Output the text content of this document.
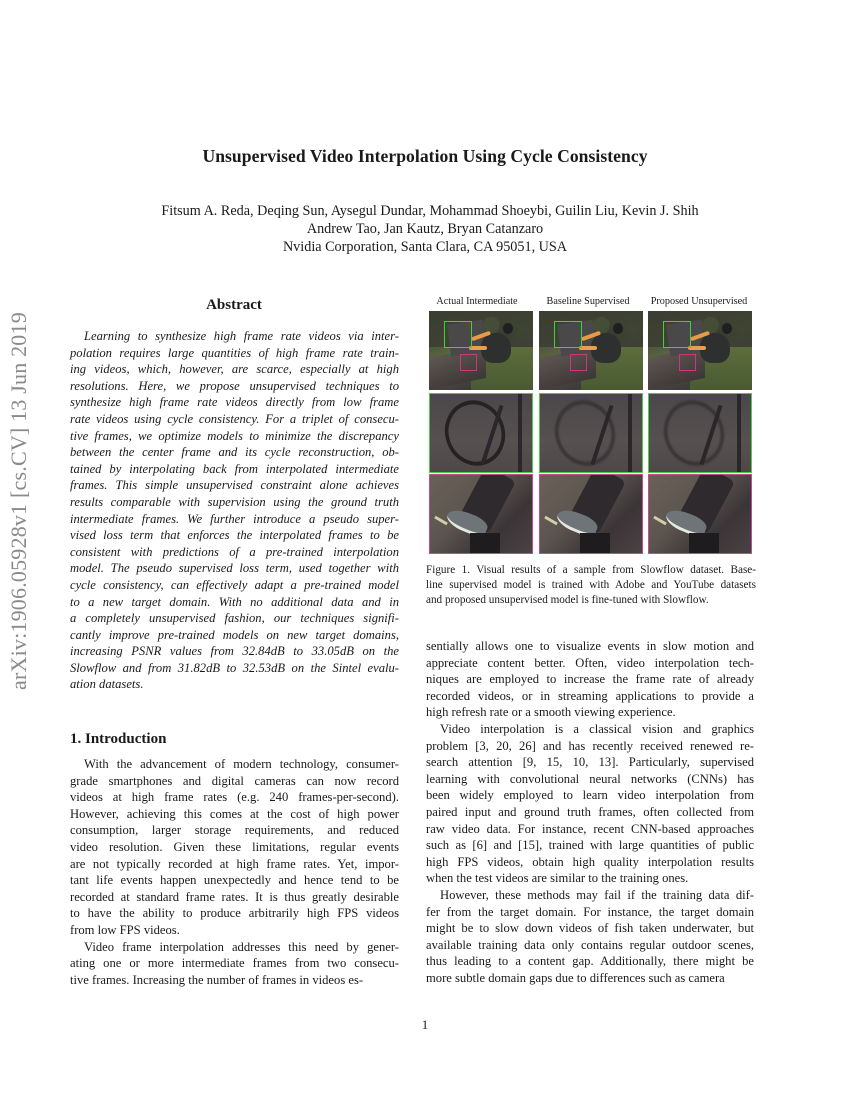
arXiv:1906.05928v1 [cs.CV] 13 Jun 2019
Unsupervised Video Interpolation Using Cycle Consistency
Fitsum A. Reda, Deqing Sun, Aysegul Dundar, Mohammad Shoeybi, Guilin Liu, Kevin J. Shih
Andrew Tao, Jan Kautz, Bryan Catanzaro
Nvidia Corporation, Santa Clara, CA 95051, USA
Abstract
Learning to synthesize high frame rate videos via inter-
polation requires large quantities of high frame rate train-
ing videos, which, however, are scarce, especially at high
resolutions. Here, we propose unsupervised techniques to
synthesize high frame rate videos directly from low frame
rate videos using cycle consistency. For a triplet of consecu-
tive frames, we optimize models to minimize the discrepancy
between the center frame and its cycle reconstruction, ob-
tained by interpolating back from interpolated intermediate
frames. This simple unsupervised constraint alone achieves
results comparable with supervision using the ground truth
intermediate frames. We further introduce a pseudo super-
vised loss term that enforces the interpolated frames to be
consistent with predictions of a pre-trained interpolation
model. The pseudo supervised loss term, used together with
cycle consistency, can effectively adapt a pre-trained model
to a new target domain. With no additional data and in
a completely unsupervised fashion, our techniques signifi-
cantly improve pre-trained models on new target domains,
increasing PSNR values from 32.84dB to 33.05dB on the
Slowflow and from 31.82dB to 32.53dB on the Sintel evalu-
ation datasets.
1. Introduction
With the advancement of modern technology, consumer-
grade smartphones and digital cameras can now record
videos at high frame rates (e.g. 240 frames-per-second).
However, achieving this comes at the cost of high power
consumption, larger storage requirements, and reduced
video resolution. Given these limitations, regular events
are not typically recorded at high frame rates. Yet, impor-
tant life events happen unexpectedly and hence tend to be
recorded at standard frame rates. It is thus greatly desirable
to have the ability to produce arbitrarily high FPS videos
from low FPS videos.
Video frame interpolation addresses this need by gener-
ating one or more intermediate frames from two consecu-
tive frames. Increasing the number of frames in videos es-
Actual Intermediate	Baseline Supervised	Proposed Unsupervised
Figure 1. Visual results of a sample from Slowflow dataset. Base-
line supervised model is trained with Adobe and YouTube datasets
and proposed unsupervised model is fine-tuned with Slowflow.
sentially allows one to visualize events in slow motion and
appreciate content better. Often, video interpolation tech-
niques are employed to increase the frame rate of already
recorded videos, or in streaming applications to provide a
high refresh rate or a smooth viewing experience.
Video interpolation is a classical vision and graphics
problem [3, 20, 26] and has recently received renewed re-
search attention [9, 15, 10, 13]. Particularly, supervised
learning with convolutional neural networks (CNNs) has
been widely employed to learn video interpolation from
paired input and ground truth frames, often collected from
raw video data. For instance, recent CNN-based approaches
such as [6] and [15], trained with large quantities of public
high FPS videos, obtain high quality interpolation results
when the test videos are similar to the training ones.
However, these methods may fail if the training data dif-
fer from the target domain. For instance, the target domain
might be to slow down videos of fish taken underwater, but
available training data only contains regular outdoor scenes,
thus leading to a content gap. Additionally, there might be
more subtle domain gaps due to differences such as camera
1
